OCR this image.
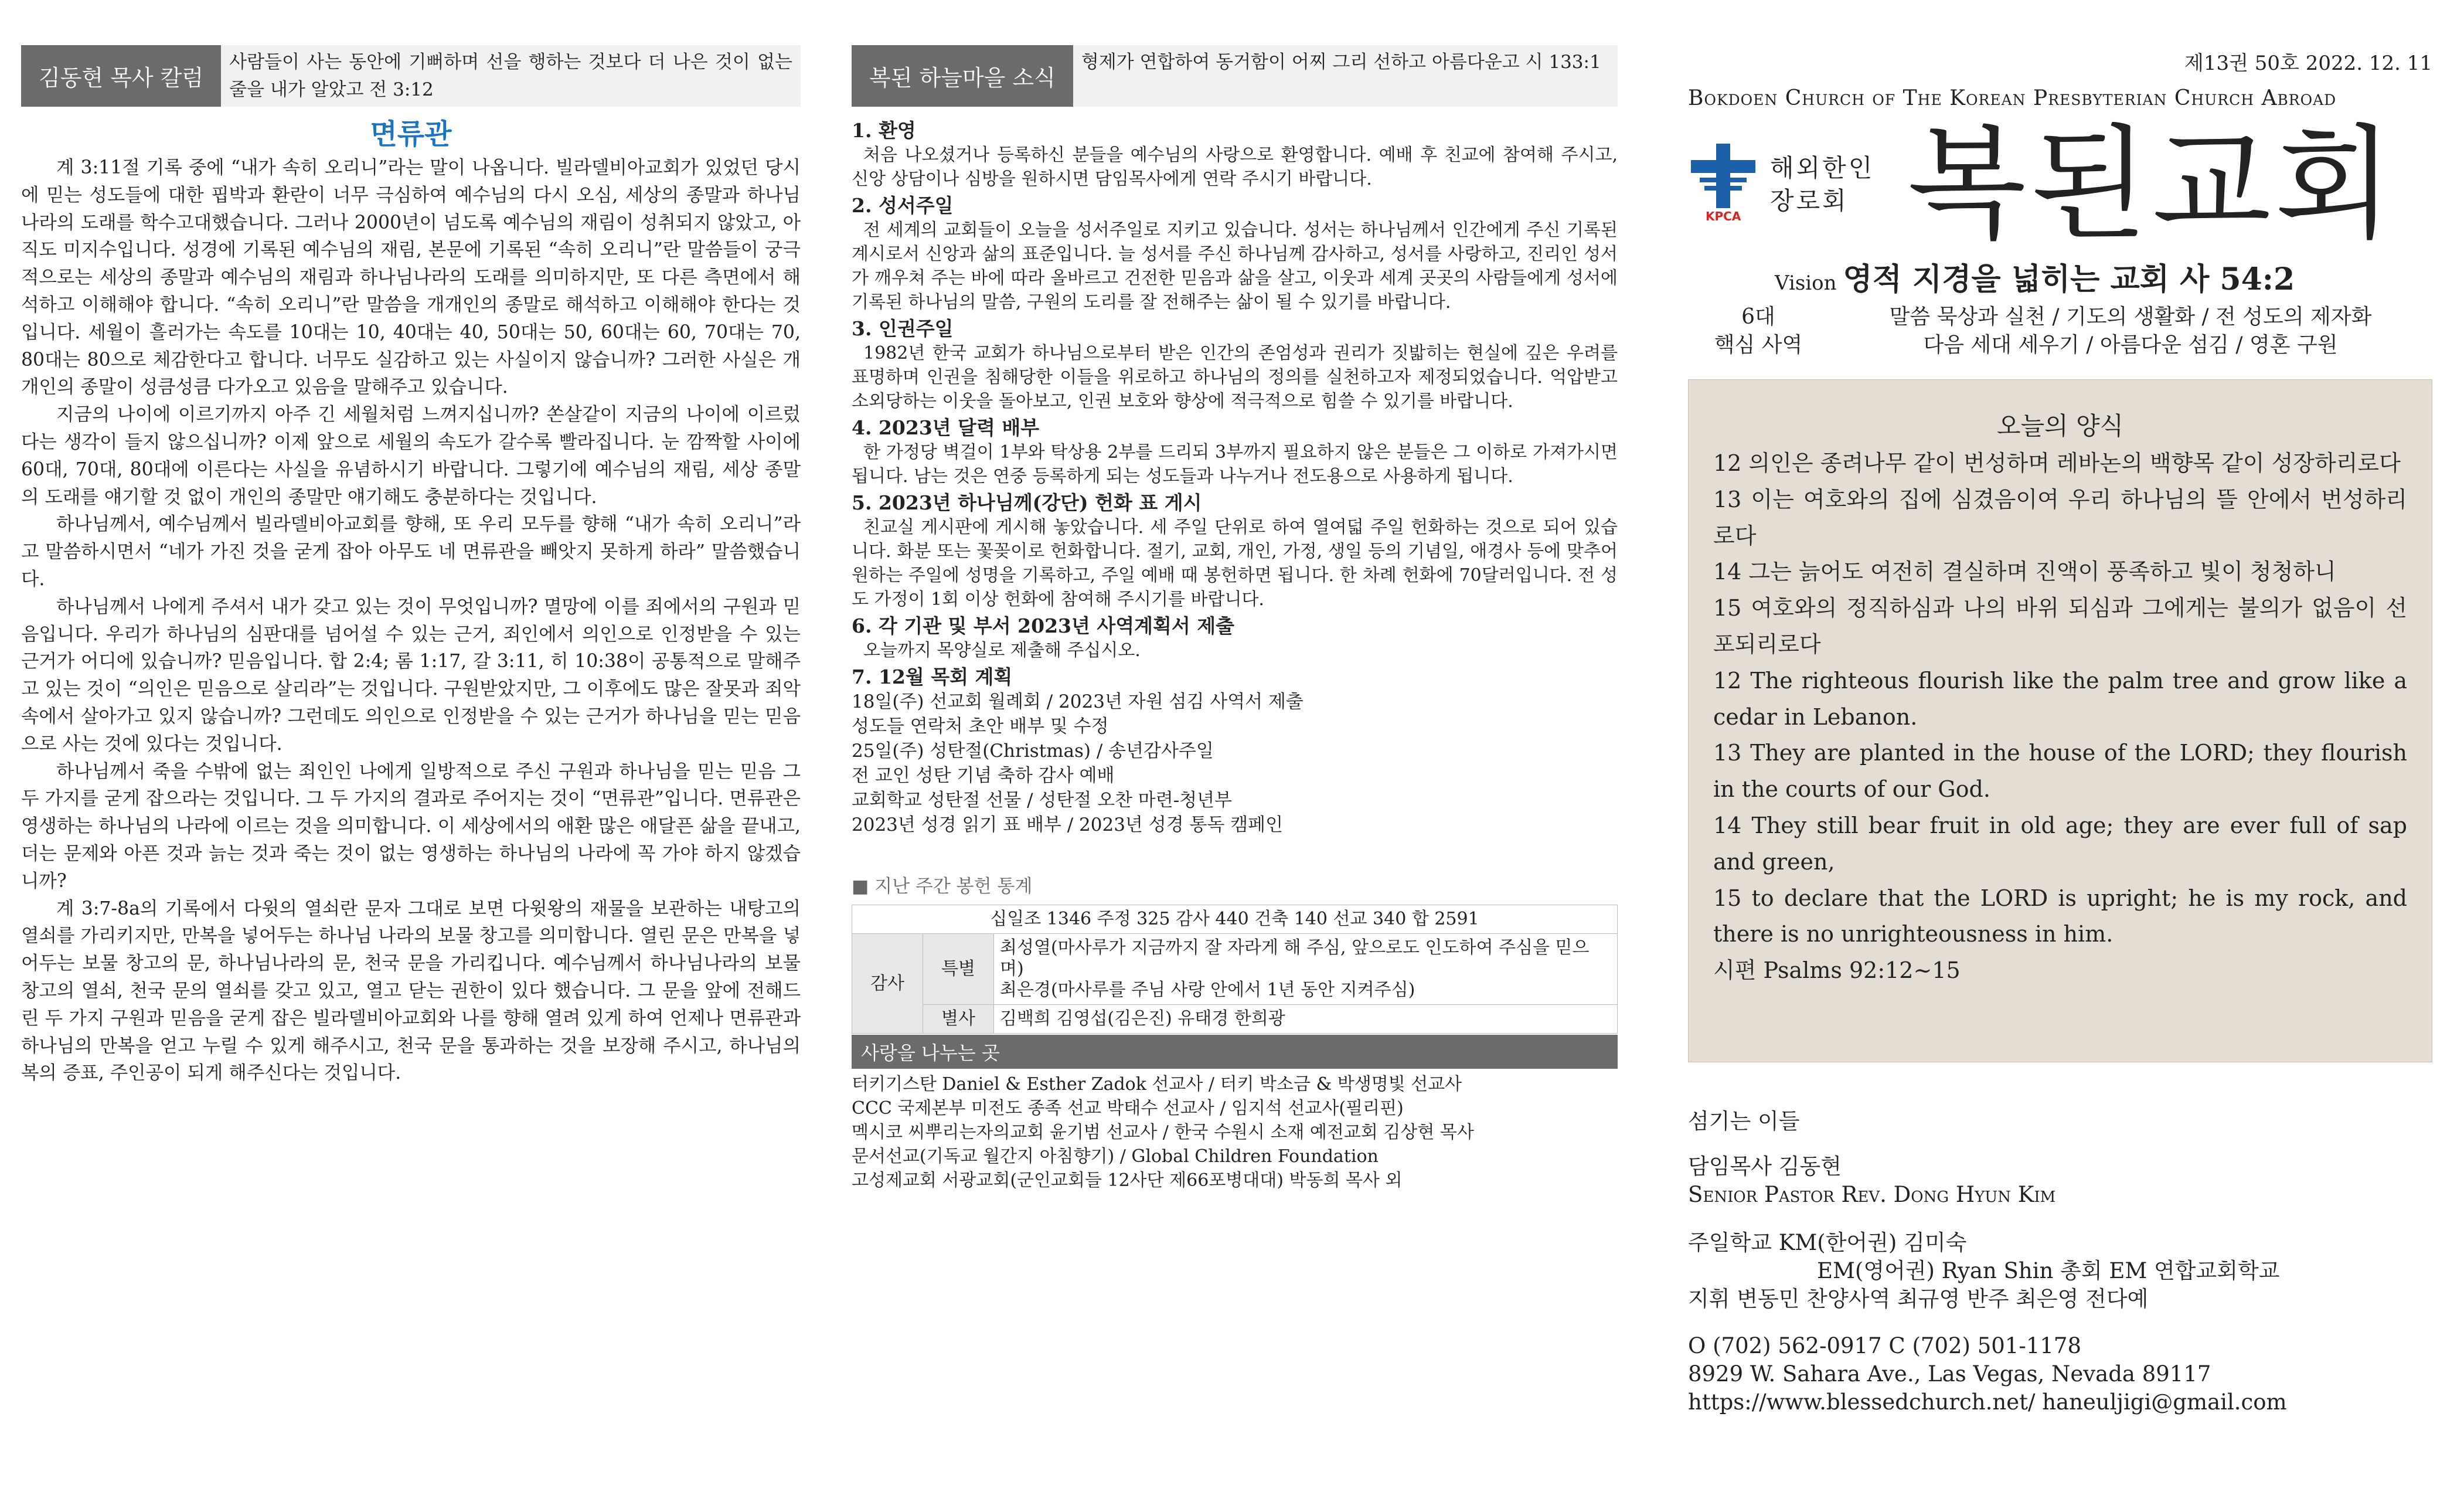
김동현 목사 칼럼
사람들이 사는 동안에 기뻐하며 선을 행하는 것보다 더 나은 것이 없는 줄을 내가 알았고 전 3:12
면류관

계 3:11절 기록 중에 “내가 속히 오리니”라는 말이 나옵니다. 빌라델비아교회가 있었던 당시에 믿는 성도들에 대한 핍박과 환란이 너무 극심하여 예수님의 다시 오심, 세상의 종말과 하나님 나라의 도래를 학수고대했습니다. 그러나 2000년이 넘도록 예수님의 재림이 성취되지 않았고, 아직도 미지수입니다. 성경에 기록된 예수님의 재림, 본문에 기록된 “속히 오리니”란 말씀들이 궁극적으로는 세상의 종말과 예수님의 재림과 하나님나라의 도래를 의미하지만, 또 다른 측면에서 해석하고 이해해야 합니다. “속히 오리니”란 말씀을 개개인의 종말로 해석하고 이해해야 한다는 것입니다. 세월이 흘러가는 속도를 10대는 10, 40대는 40, 50대는 50, 60대는 60, 70대는 70, 80대는 80으로 체감한다고 합니다. 너무도 실감하고 있는 사실이지 않습니까? 그러한 사실은 개개인의 종말이 성큼성큼 다가오고 있음을 말해주고 있습니다.

지금의 나이에 이르기까지 아주 긴 세월처럼 느껴지십니까? 쏜살같이 지금의 나이에 이르렀다는 생각이 들지 않으십니까? 이제 앞으로 세월의 속도가 갈수록 빨라집니다. 눈 깜짝할 사이에 60대, 70대, 80대에 이른다는 사실을 유념하시기 바랍니다. 그렇기에 예수님의 재림, 세상 종말의 도래를 얘기할 것 없이 개인의 종말만 얘기해도 충분하다는 것입니다.

하나님께서, 예수님께서 빌라델비아교회를 향해, 또 우리 모두를 향해 “내가 속히 오리니”라고 말씀하시면서 “네가 가진 것을 굳게 잡아 아무도 네 면류관을 빼앗지 못하게 하라” 말씀했습니다.

하나님께서 나에게 주셔서 내가 갖고 있는 것이 무엇입니까? 멸망에 이를 죄에서의 구원과 믿음입니다. 우리가 하나님의 심판대를 넘어설 수 있는 근거, 죄인에서 의인으로 인정받을 수 있는 근거가 어디에 있습니까? 믿음입니다. 합 2:4; 롬 1:17, 갈 3:11, 히 10:38이 공통적으로 말해주고 있는 것이 “의인은 믿음으로 살리라”는 것입니다. 구원받았지만, 그 이후에도 많은 잘못과 죄악 속에서 살아가고 있지 않습니까? 그런데도 의인으로 인정받을 수 있는 근거가 하나님을 믿는 믿음으로 사는 것에 있다는 것입니다.

하나님께서 죽을 수밖에 없는 죄인인 나에게 일방적으로 주신 구원과 하나님을 믿는 믿음 그 두 가지를 굳게 잡으라는 것입니다. 그 두 가지의 결과로 주어지는 것이 “면류관”입니다. 면류관은 영생하는 하나님의 나라에 이르는 것을 의미합니다. 이 세상에서의 애환 많은 애달픈 삶을 끝내고, 더는 문제와 아픈 것과 늙는 것과 죽는 것이 없는 영생하는 하나님의 나라에 꼭 가야 하지 않겠습니까?

계 3:7-8a의 기록에서 다윗의 열쇠란 문자 그대로 보면 다윗왕의 재물을 보관하는 내탕고의 열쇠를 가리키지만, 만복을 넣어두는 하나님 나라의 보물 창고를 의미합니다. 열린 문은 만복을 넣어두는 보물 창고의 문, 하나님나라의 문, 천국 문을 가리킵니다. 예수님께서 하나님나라의 보물 창고의 열쇠, 천국 문의 열쇠를 갖고 있고, 열고 닫는 권한이 있다 했습니다. 그 문을 앞에 전해드린 두 가지 구원과 믿음을 굳게 잡은 빌라델비아교회와 나를 향해 열려 있게 하여 언제나 면류관과 하나님의 만복을 얻고 누릴 수 있게 해주시고, 천국 문을 통과하는 것을 보장해 주시고, 하나님의 복의 증표, 주인공이 되게 해주신다는 것입니다.

복된 하늘마을 소식
형제가 연합하여 동거함이 어찌 그리 선하고 아름다운고 시 133:1
1. 환영

처음 나오셨거나 등록하신 분들을 예수님의 사랑으로 환영합니다. 예배 후 친교에 참여해 주시고, 신앙 상담이나 심방을 원하시면 담임목사에게 연락 주시기 바랍니다.

2. 성서주일

전 세계의 교회들이 오늘을 성서주일로 지키고 있습니다. 성서는 하나님께서 인간에게 주신 기록된 계시로서 신앙과 삶의 표준입니다. 늘 성서를 주신 하나님께 감사하고, 성서를 사랑하고, 진리인 성서가 깨우쳐 주는 바에 따라 올바르고 건전한 믿음과 삶을 살고, 이웃과 세계 곳곳의 사람들에게 성서에 기록된 하나님의 말씀, 구원의 도리를 잘 전해주는 삶이 될 수 있기를 바랍니다.

3. 인권주일

1982년 한국 교회가 하나님으로부터 받은 인간의 존엄성과 권리가 짓밟히는 현실에 깊은 우려를 표명하며 인권을 침해당한 이들을 위로하고 하나님의 정의를 실천하고자 제정되었습니다. 억압받고 소외당하는 이웃을 돌아보고, 인권 보호와 향상에 적극적으로 힘쓸 수 있기를 바랍니다.

4. 2023년 달력 배부

한 가정당 벽걸이 1부와 탁상용 2부를 드리되 3부까지 필요하지 않은 분들은 그 이하로 가져가시면 됩니다. 남는 것은 연중 등록하게 되는 성도들과 나누거나 전도용으로 사용하게 됩니다.

5. 2023년 하나님께(강단) 헌화 표 게시

친교실 게시판에 게시해 놓았습니다. 세 주일 단위로 하여 열여덟 주일 헌화하는 것으로 되어 있습니다. 화분 또는 꽃꽂이로 헌화합니다. 절기, 교회, 개인, 가정, 생일 등의 기념일, 애경사 등에 맞추어 원하는 주일에 성명을 기록하고, 주일 예배 때 봉헌하면 됩니다. 한 차례 헌화에 70달러입니다. 전 성도 가정이 1회 이상 헌화에 참여해 주시기를 바랍니다.

6. 각 기관 및 부서 2023년 사역계획서 제출

오늘까지 목양실로 제출해 주십시오.

7. 12월 목회 계획

18일(주) 선교회 월례회 / 2023년 자원 섬김 사역서 제출

성도들 연락처 초안 배부 및 수정

25일(주) 성탄절(Christmas) / 송년감사주일

전 교인 성탄 기념 축하 감사 예배

교회학교 성탄절 선물 / 성탄절 오찬 마련-청년부

2023년 성경 읽기 표 배부 / 2023년 성경 통독 캠페인

■ 지난 주간 봉헌 통계
십일조 1346 주정 325 감사 440 건축 140 선교 340 합 2591		
감사	특별	최성열(마사루가 지금까지 잘 자라게 해 주심, 앞으로도 인도하여 주심을 믿으며)
최은경(마사루를 주님 사랑 안에서 1년 동안 지켜주심)
	별사	김백희 김영섭(김은진) 유태경 한희광
사랑을 나누는 곳

터키기스탄 Daniel & Esther Zadok 선교사 / 터키 박소금 & 박생명빛 선교사

CCC 국제본부 미전도 종족 선교 박태수 선교사 / 임지석 선교사(필리핀)

멕시코 씨뿌리는자의교회 윤기범 선교사 / 한국 수원시 소재 예전교회 김상현 목사

문서선교(기독교 월간지 아침향기) / Global Children Foundation

고성제교회 서광교회(군인교회들 12사단 제66포병대대) 박동희 목사 외

제13권 50호 2022. 12. 11
Bokdoen Church of The Korean Presbyterian Church Abroad
KPCA
해외한인
장로회 복된교회
Vision 영적 지경을 넓히는 교회 사 54:2
6대
핵심 사역
말씀 묵상과 실천 / 기도의 생활화 / 전 성도의 제자화
다음 세대 세우기 / 아름다운 섬김 / 영혼 구원
오늘의 양식

12 의인은 종려나무 같이 번성하며 레바논의 백향목 같이 성장하리로다

13 이는 여호와의 집에 심겼음이여 우리 하나님의 뜰 안에서 번성하리로다

14 그는 늙어도 여전히 결실하며 진액이 풍족하고 빛이 청청하니

15 여호와의 정직하심과 나의 바위 되심과 그에게는 불의가 없음이 선포되리로다

12 The righteous flourish like the palm tree and grow like a cedar in Lebanon.

13 They are planted in the house of the LORD; they flourish in the courts of our God.

14 They still bear fruit in old age; they are ever full of sap and green,

15 to declare that the LORD is upright; he is my rock, and there is no unrighteousness in him.

시편 Psalms 92:12~15

섬기는 이들

담임목사 김동현

Senior Pastor Rev. Dong Hyun Kim

주일학교 KM(한어권) 김미숙

EM(영어권) Ryan Shin 총회 EM 연합교회학교

지휘 변동민 찬양사역 최규영 반주 최은영 전다예

O (702) 562-0917 C (702) 501-1178

8929 W. Sahara Ave., Las Vegas, Nevada 89117

https://www.blessedchurch.net/ haneuljigi@gmail.com
